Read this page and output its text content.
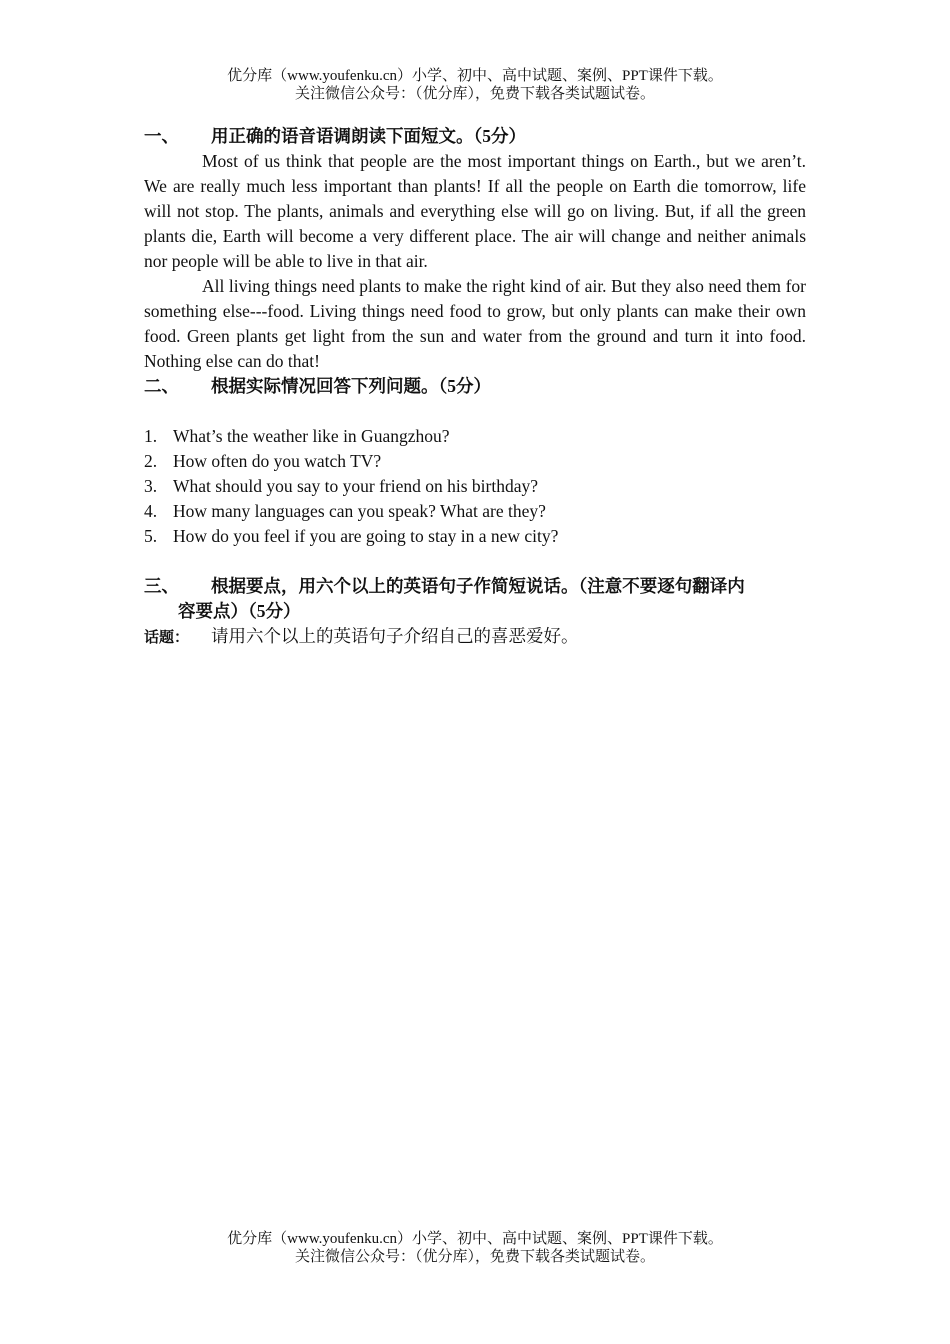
优分库（www.youfenku.cn）小学、初中、高中试题、案例、PPT课件下载。
关注微信公众号：（优分库），免费下载各类试题试卷。
一、	用正确的语音语调朗读下面短文。（5分）

Most of us think that people are the most important things on Earth., but we aren’t. We are really much less important than plants! If all the people on Earth die tomorrow, life will not stop. The plants, animals and everything else will go on living. But, if all the green plants die, Earth will become a very different place. The air will change and neither animals nor people will be able to live in that air.

All living things need plants to make the right kind of air. But they also need them for something else---food. Living things need food to grow, but only plants can make their own food. Green plants get light from the sun and water from the ground and turn it into food. Nothing else can do that!

二、	根据实际情况回答下列问题。（5分）
1. What’s the weather like in Guangzhou?
2. How often do you watch TV?
3. What should you say to your friend on his birthday?
4. How many languages can you speak? What are they?
5. How do you feel if you are going to stay in a new city?
三、	根据要点，用六个以上的英语句子作简短说话。（注意不要逐句翻译内
容要点）（5分）
话题：	请用六个以上的英语句子介绍自己的喜恶爱好。
优分库（www.youfenku.cn）小学、初中、高中试题、案例、PPT课件下载。
关注微信公众号：（优分库），免费下载各类试题试卷。
